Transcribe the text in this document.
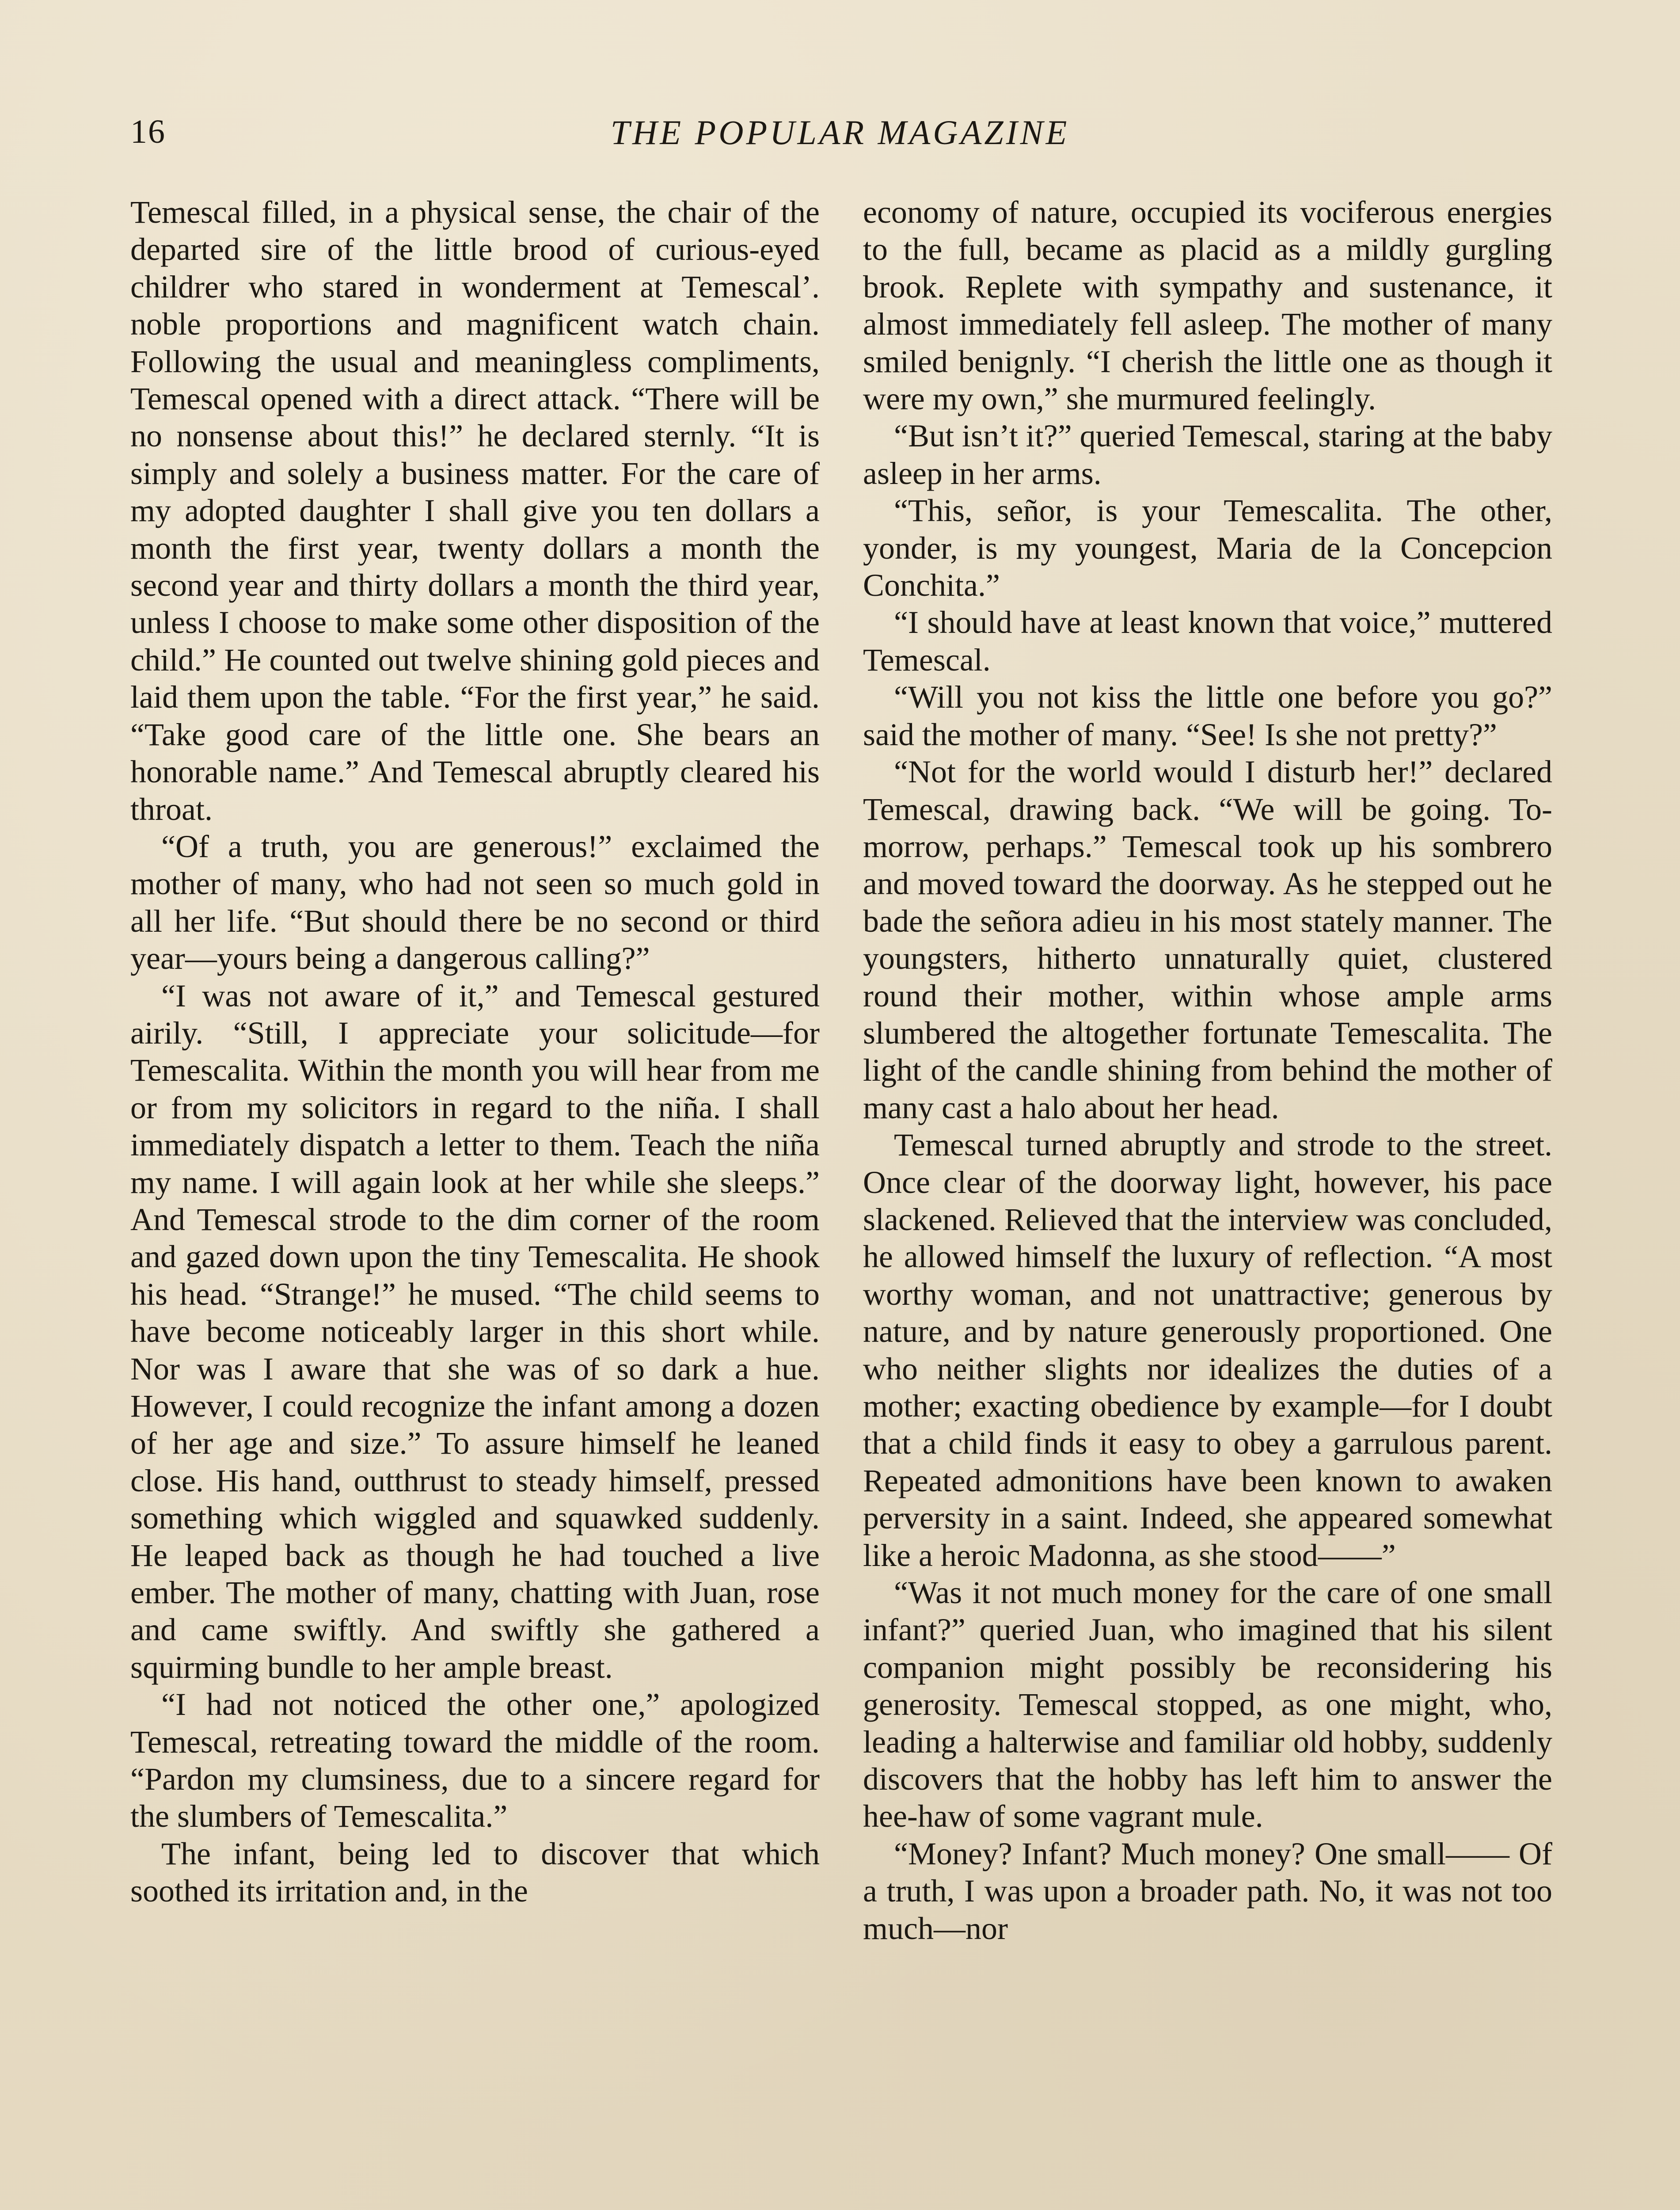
16	THE POPULAR MAGAZINE

Temescal filled, in a physical sense, the chair of the departed sire of the little brood of curious-eyed childrer who stared in wonderment at Temescal’. noble proportions and magnificent watch chain. Following the usual and meaningless compliments, Temescal opened with a direct attack. “There will be no nonsense about this!” he declared sternly. “It is simply and solely a business matter. For the care of my adopted daughter I shall give you ten dollars a month the first year, twenty dollars a month the second year and thirty dollars a month the third year, unless I choose to make some other disposition of the child.” He counted out twelve shining gold pieces and laid them upon the table. “For the first year,” he said. “Take good care of the little one. She bears an honorable name.” And Temescal abruptly cleared his throat.

“Of a truth, you are generous!” exclaimed the mother of many, who had not seen so much gold in all her life. “But should there be no second or third year—yours being a dangerous calling?”

“I was not aware of it,” and Temescal gestured airily. “Still, I appreciate your solicitude—for Temescalita. Within the month you will hear from me or from my solicitors in regard to the niña. I shall immediately dispatch a letter to them. Teach the niña my name. I will again look at her while she sleeps.” And Temescal strode to the dim corner of the room and gazed down upon the tiny Temescalita. He shook his head. “Strange!” he mused. “The child seems to have become noticeably larger in this short while. Nor was I aware that she was of so dark a hue. However, I could recognize the infant among a dozen of her age and size.” To assure himself he leaned close. His hand, outthrust to steady himself, pressed something which wiggled and squawked suddenly. He leaped back as though he had touched a live ember. The mother of many, chatting with Juan, rose and came swiftly. And swiftly she gathered a squirming bundle to her ample breast.

“I had not noticed the other one,” apologized Temescal, retreating toward the middle of the room. “Pardon my clumsiness, due to a sincere regard for the slumbers of Temescalita.”

The infant, being led to discover that which soothed its irritation and, in the

economy of nature, occupied its vociferous energies to the full, became as placid as a mildly gurgling brook. Replete with sympathy and sustenance, it almost immediately fell asleep. The mother of many smiled benignly. “I cherish the little one as though it were my own,” she murmured feelingly.

“But isn’t it?” queried Temescal, staring at the baby asleep in her arms.

“This, señor, is your Temescalita. The other, yonder, is my youngest, Maria de la Concepcion Conchita.”

“I should have at least known that voice,” muttered Temescal.

“Will you not kiss the little one before you go?” said the mother of many. “See! Is she not pretty?”

“Not for the world would I disturb her!” declared Temescal, drawing back. “We will be going. To-morrow, perhaps.” Temescal took up his sombrero and moved toward the doorway. As he stepped out he bade the señora adieu in his most stately manner. The youngsters, hitherto unnaturally quiet, clustered round their mother, within whose ample arms slumbered the altogether fortunate Temescalita. The light of the candle shining from behind the mother of many cast a halo about her head.

Temescal turned abruptly and strode to the street. Once clear of the doorway light, however, his pace slackened. Relieved that the interview was concluded, he allowed himself the luxury of reflection. “A most worthy woman, and not unattractive; generous by nature, and by nature generously proportioned. One who neither slights nor idealizes the duties of a mother; exacting obedience by example—for I doubt that a child finds it easy to obey a garrulous parent. Repeated admonitions have been known to awaken perversity in a saint. Indeed, she appeared somewhat like a heroic Madonna, as she stood——”

“Was it not much money for the care of one small infant?” queried Juan, who imagined that his silent companion might possibly be reconsidering his generosity. Temescal stopped, as one might, who, leading a halterwise and familiar old hobby, suddenly discovers that the hobby has left him to answer the hee-haw of some vagrant mule.

“Money? Infant? Much money? One small—— Of a truth, I was upon a broader path. No, it was not too much—nor
